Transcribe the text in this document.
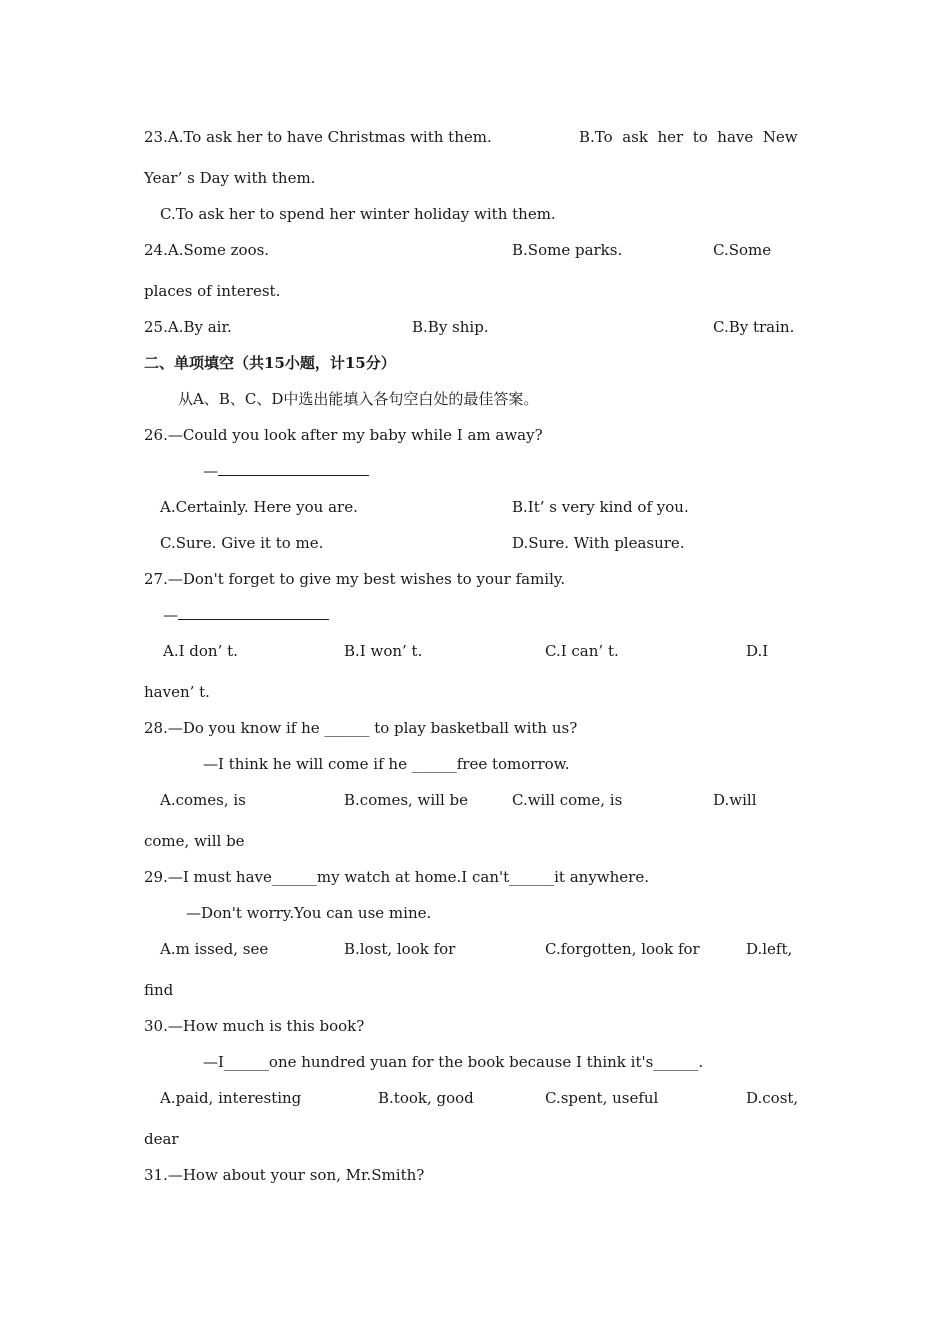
23.A.To ask her to have Christmas with them.	B.To  ask  her  to  have  New
Year’ s Day with them.
C.To ask her to spend her winter holiday with them.
24.A.Some zoos.	B.Some parks.	C.Some
places of interest.
25.A.By air.	B.By ship.	C.By train.
二、单项填空（共15小题，计15分）
从A、B、C、D中选出能填入各句空白处的最佳答案。
26.—Could you look after my baby while I am away?
—
A.Certainly. Here you are.	B.It’ s very kind of you.
C.Sure. Give it to me.	D.Sure. With pleasure.
27.—Don't forget to give my best wishes to your family.
—
A.I don’ t.	B.I won’ t.	C.I can’ t.	D.I
haven’ t.
28.—Do you know if he ______ to play basketball with us?
—I think he will come if he ______free tomorrow.
A.comes, is	B.comes, will be	C.will come, is	D.will
come, will be
29.—I must have______my watch at home.I can't______it anywhere.
—Don't worry.You can use mine.
A.m issed, see	B.lost, look for	C.forgotten, look for	D.left,
find
30.—How much is this book?
—I______one hundred yuan for the book because I think it's______.
A.paid, interesting	B.took, good	C.spent, useful	D.cost,
dear
31.—How about your son, Mr.Smith?
